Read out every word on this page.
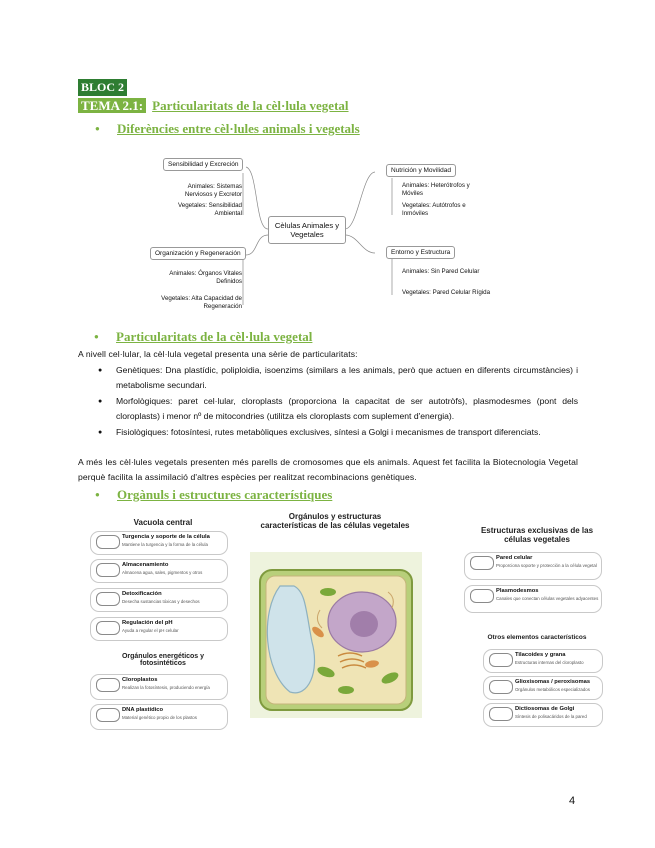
BLOC 2
TEMA 2.1: Particularitats de la cèl·lula vegetal
● Diferències entre cèl·lules animals i vegetals
Cèlulas Animales y Vegetales
Sensibilidad y Excreción
Animales: Sistemas Nerviosos y Excretor
Vegetales: Sensibilidad Ambiental
Organización y Regeneración
Animales: Órganos Vitales Definidos
Vegetales: Alta Capacidad de Regeneración
Nutrición y Movilidad
Animales: Heterótrofos y Móviles
Vegetales: Autótrofos e Inmóviles
Entorno y Estructura
Animales: Sin Pared Celular
Vegetales: Pared Celular Rígida
● Particularitats de la cèl·lula vegetal
A nivell cel·lular, la cèl·lula vegetal presenta una sèrie de particularitats:
● Genètiques: Dna plastídic, poliploidia, isoenzims (similars a les animals, però que actuen en diferents circumstàncies) i metabolisme secundari.
● Morfològiques: paret cel·lular, cloroplasts (proporciona la capacitat de ser autotròfs), plasmodesmes (pont dels cloroplasts) i menor nº de mitocondries (utilitza els cloroplasts com suplement d'energia).
● Fisiològiques: fotosíntesi, rutes metabòliques exclusives, síntesi a Golgi i mecanismes de transport diferenciats.
A més les cèl·lules vegetals presenten més parells de cromosomes que els animals. Aquest fet facilita la Biotecnologia Vegetal perquè facilita la assimilació d'altres espècies per realitzat recombinacions genètiques.
● Orgànuls i estructures característiques
Vacuola central
Turgencia y soporte de la célula
Mantiene la turgencia y la forma de la célula
Almacenamiento
Almacena agua, sales, pigmentos y otros
Detoxificación
Desecha sustancias tóxicas y desechos
Regulación del pH
Ayuda a regular el pH celular
Orgánulos energéticos y fotosintéticos
Cloroplastos
Realizan la fotosíntesis, produciendo energía
DNA plastídico
Material genético propio de los plastos
Orgánulos y estructuras características de las células vegetales
Estructuras exclusivas de las células vegetales
Pared celular
Proporciona soporte y protección a la célula vegetal
Plasmodesmos
Canales que conectan células vegetales adyacentes
Otros elementos característicos
Tilacoides y grana
Estructuras internas del cloroplasto
Glioxisomas / peroxisomas
Orgánulos metabólicos especializados
Dictiosomas de Golgi
Síntesis de polisacáridos de la pared
4
